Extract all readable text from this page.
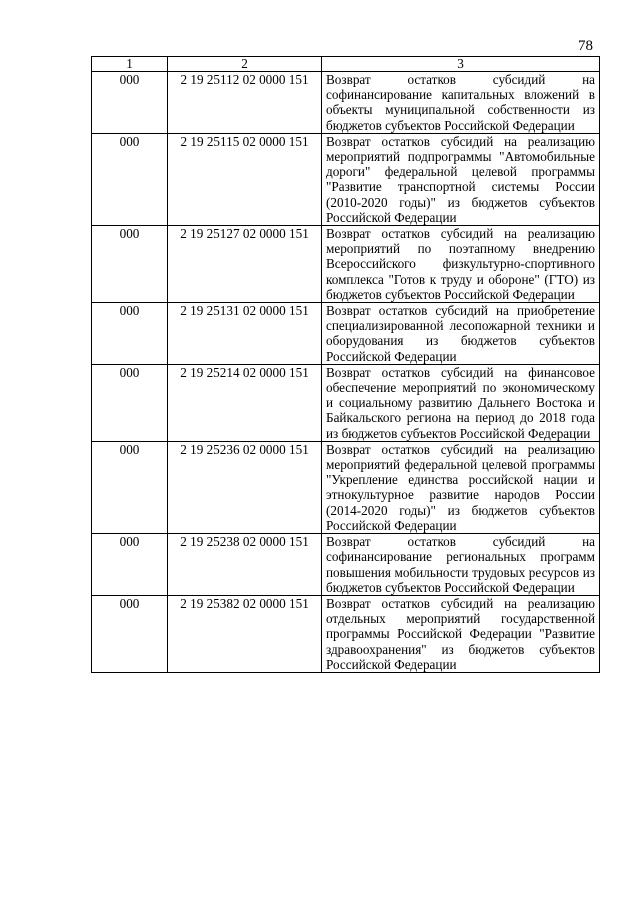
78
1	2	3
000	2 19 25112 02 0000 151	Возврат остатков субсидий на софинансирование капитальных вложений в объекты муниципальной собственности из бюджетов субъектов Российской Федерации
000	2 19 25115 02 0000 151	Возврат остатков субсидий на реализацию мероприятий подпрограммы "Автомобильные дороги" федеральной целевой программы "Развитие транспортной системы России (2010-2020 годы)" из бюджетов субъектов Российской Федерации
000	2 19 25127 02 0000 151	Возврат остатков субсидий на реализацию мероприятий по поэтапному внедрению Всероссийского физкультурно-спортивного комплекса "Готов к труду и обороне" (ГТО) из бюджетов субъектов Российской Федерации
000	2 19 25131 02 0000 151	Возврат остатков субсидий на приобретение специализированной лесопожарной техники и оборудования из бюджетов субъектов Российской Федерации
000	2 19 25214 02 0000 151	Возврат остатков субсидий на финансовое обеспечение мероприятий по экономическому и социальному развитию Дальнего Востока и Байкальского региона на период до 2018 года из бюджетов субъектов Российской Федерации
000	2 19 25236 02 0000 151	Возврат остатков субсидий на реализацию мероприятий федеральной целевой программы "Укрепление единства российской нации и этнокультурное развитие народов России (2014-2020 годы)" из бюджетов субъектов Российской Федерации
000	2 19 25238 02 0000 151	Возврат остатков субсидий на софинансирование региональных программ повышения мобильности трудовых ресурсов из бюджетов субъектов Российской Федерации
000	2 19 25382 02 0000 151	Возврат остатков субсидий на реализацию отдельных мероприятий государственной программы Российской Федерации "Развитие здравоохранения" из бюджетов субъектов Российской Федерации
